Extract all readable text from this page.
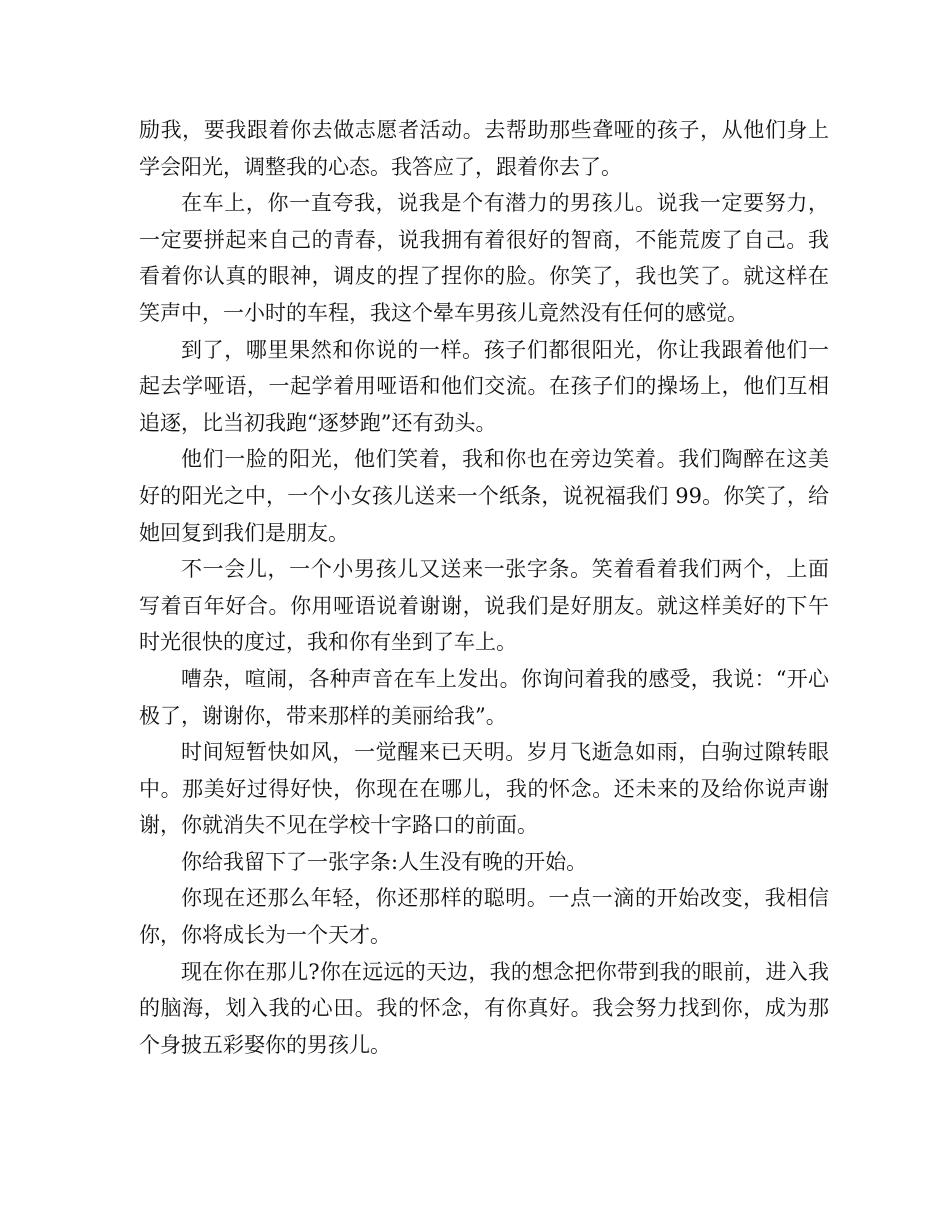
励我，要我跟着你去做志愿者活动。去帮助那些聋哑的孩子，从他们身上学会阳光，调整我的心态。我答应了，跟着你去了。

在车上，你一直夸我，说我是个有潜力的男孩儿。说我一定要努力，一定要拼起来自己的青春，说我拥有着很好的智商，不能荒废了自己。我看着你认真的眼神，调皮的捏了捏你的脸。你笑了，我也笑了。就这样在笑声中，一小时的车程，我这个晕车男孩儿竟然没有任何的感觉。

到了，哪里果然和你说的一样。孩子们都很阳光，你让我跟着他们一起去学哑语，一起学着用哑语和他们交流。在孩子们的操场上，他们互相追逐，比当初我跑“逐梦跑”还有劲头。

他们一脸的阳光，他们笑着，我和你也在旁边笑着。我们陶醉在这美好的阳光之中，一个小女孩儿送来一个纸条，说祝福我们 99。你笑了，给她回复到我们是朋友。

不一会儿，一个小男孩儿又送来一张字条。笑着看着我们两个，上面写着百年好合。你用哑语说着谢谢，说我们是好朋友。就这样美好的下午时光很快的度过，我和你有坐到了车上。

嘈杂，喧闹，各种声音在车上发出。你询问着我的感受，我说：“开心极了，谢谢你，带来那样的美丽给我”。

时间短暂快如风，一觉醒来已天明。岁月飞逝急如雨，白驹过隙转眼中。那美好过得好快，你现在在哪儿，我的怀念。还未来的及给你说声谢谢，你就消失不见在学校十字路口的前面。

你给我留下了一张字条:人生没有晚的开始。

你现在还那么年轻，你还那样的聪明。一点一滴的开始改变，我相信你，你将成长为一个天才。

现在你在那儿?你在远远的天边，我的想念把你带到我的眼前，进入我的脑海，划入我的心田。我的怀念，有你真好。我会努力找到你，成为那个身披五彩娶你的男孩儿。
